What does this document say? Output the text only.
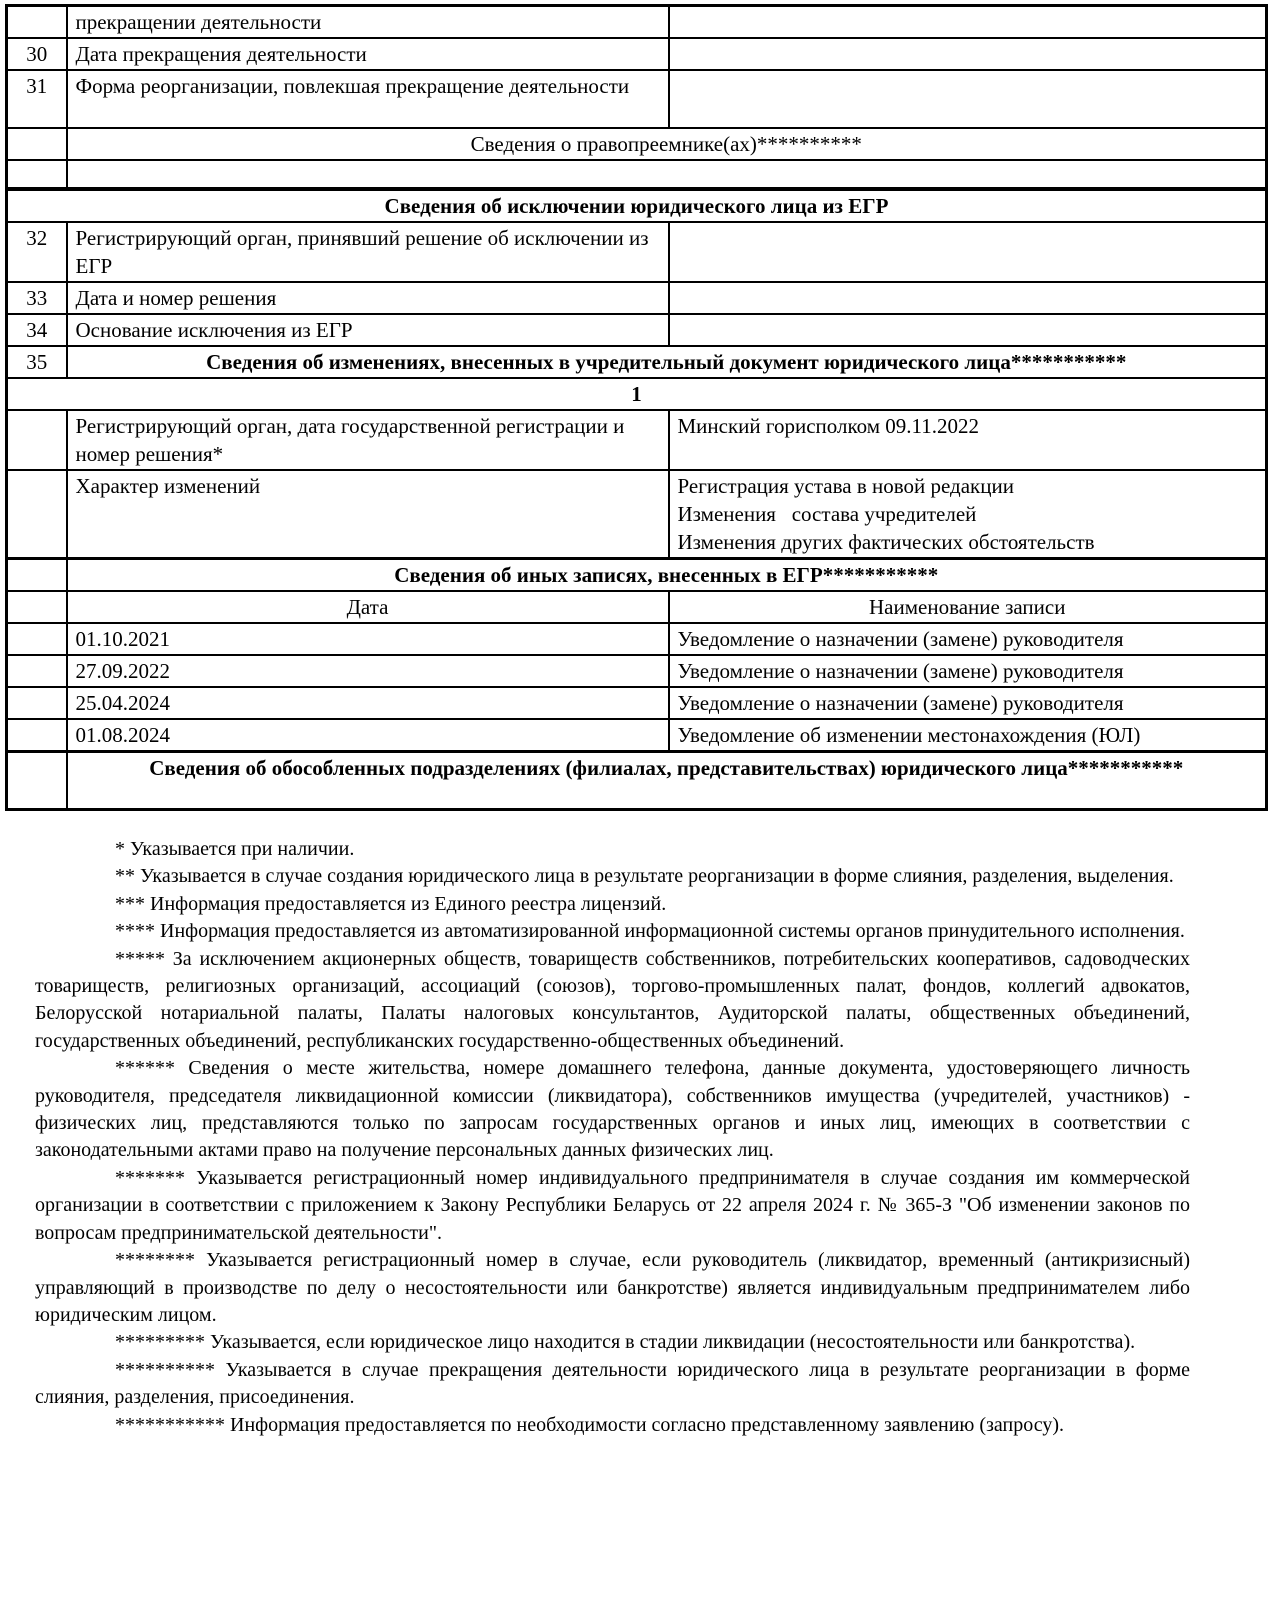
	прекращении деятельности	
30	Дата прекращения деятельности	
31	Форма реорганизации, повлекшая прекращение деятельности	
	Сведения о правопреемнике(ах)**********	

Сведения об исключении юридического лица из ЕГР		
32	Регистрирующий орган, принявший решение об исключении из ЕГР	
33	Дата и номер решения	
34	Основание исключения из ЕГР	
35	Сведения об изменениях, внесенных в учредительный документ юридического лица***********	
1		
	Регистрирующий орган, дата государственной регистрации и номер решения*	Минский горисполком 09.11.2022
	Характер изменений	Регистрация устава в новой редакции
Изменения   состава учредителей
Изменения других фактических обстоятельств

	Сведения об иных записях, внесенных в ЕГР***********	
	Дата	Наименование записи
	01.10.2021	Уведомление о назначении (замене) руководителя
	27.09.2022	Уведомление о назначении (замене) руководителя
	25.04.2024	Уведомление о назначении (замене) руководителя
	01.08.2024	Уведомление об изменении местонахождения (ЮЛ)
	Сведения об обособленных подразделениях (филиалах, представительствах) юридического лица***********	

* Указывается при наличии.

** Указывается в случае создания юридического лица в результате реорганизации в форме слияния, разделения, выделения.

*** Информация предоставляется из Единого реестра лицензий.

**** Информация предоставляется из автоматизированной информационной системы органов принудительного исполнения.

***** За исключением акционерных обществ, товариществ собственников, потребительских кооперативов, садоводческих товариществ, религиозных организаций, ассоциаций (союзов), торгово-промышленных палат, фондов, коллегий адвокатов, Белорусской нотариальной палаты, Палаты налоговых консультантов, Аудиторской палаты, общественных объединений, государственных объединений, республиканских государственно-общественных объединений.

****** Сведения о месте жительства, номере домашнего телефона, данные документа, удостоверяющего личность руководителя, председателя ликвидационной комиссии (ликвидатора), собственников имущества (учредителей, участников) - физических лиц, представляются только по запросам государственных органов и иных лиц, имеющих в соответствии с законодательными актами право на получение персональных данных физических лиц.

******* Указывается регистрационный номер индивидуального предпринимателя в случае создания им коммерческой организации в соответствии с приложением к Закону Республики Беларусь от 22 апреля 2024 г. № 365-З "Об изменении законов по вопросам предпринимательской деятельности".

******** Указывается регистрационный номер в случае, если руководитель (ликвидатор, временный (антикризисный) управляющий в производстве по делу о несостоятельности или банкротстве) является индивидуальным предпринимателем либо юридическим лицом.

********* Указывается, если юридическое лицо находится в стадии ликвидации (несостоятельности или банкротства).

********** Указывается в случае прекращения деятельности юридического лица в результате реорганизации в форме слияния, разделения, присоединения.

*********** Информация предоставляется по необходимости согласно представленному заявлению (запросу).
